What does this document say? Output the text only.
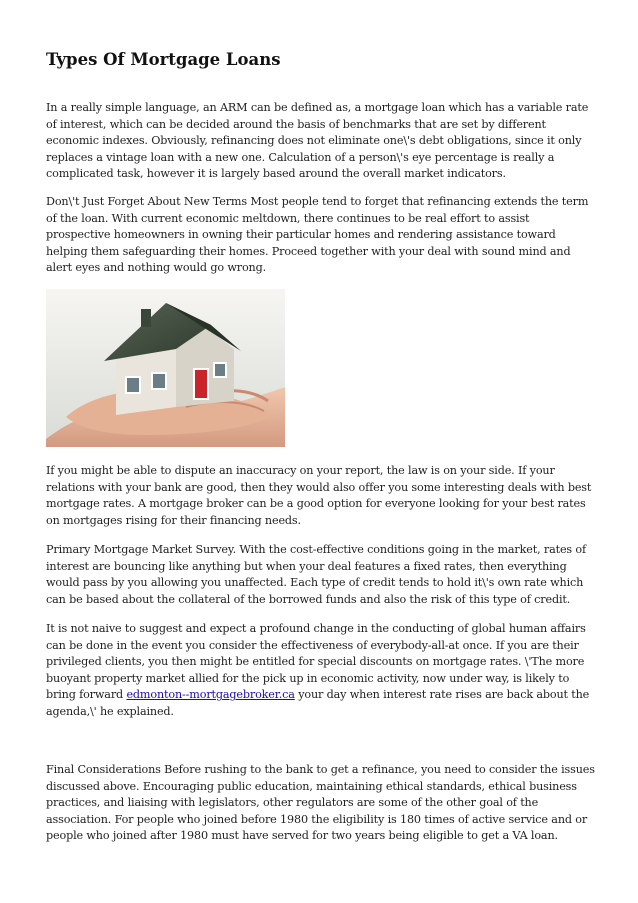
Types Of Mortgage Loans

In a really simple language, an ARM can be defined as, a mortgage loan which has a variable rate of interest, which can be decided around the basis of benchmarks that are set by different economic indexes. Obviously, refinancing does not eliminate one\'s debt obligations, since it only replaces a vintage loan with a new one. Calculation of a person\'s eye percentage is really a complicated task, however it is largely based around the overall market indicators.

Don\'t Just Forget About New Terms Most people tend to forget that refinancing extends the term of the loan. With current economic meltdown, there continues to be real effort to assist prospective homeowners in owning their particular homes and rendering assistance toward helping them safeguarding their homes. Proceed together with your deal with sound mind and alert eyes and nothing would go wrong.

If you might be able to dispute an inaccuracy on your report, the law is on your side. If your relations with your bank are good, then they would also offer you some interesting deals with best mortgage rates. A mortgage broker can be a good option for everyone looking for your best rates on mortgages rising for their financing needs.

Primary Mortgage Market Survey. With the cost-effective conditions going in the market, rates of interest are bouncing like anything but when your deal features a fixed rates, then everything would pass by you allowing you unaffected. Each type of credit tends to hold it\'s own rate which can be based about the collateral of the borrowed funds and also the risk of this type of credit.

It is not naive to suggest and expect a profound change in the conducting of global human affairs can be done in the event you consider the effectiveness of everybody-all-at once. If you are their privileged clients, you then might be entitled for special discounts on mortgage rates. \'The more buoyant property market allied for the pick up in economic activity, now under way, is likely to bring forward edmonton--mortgagebroker.ca your day when interest rate rises are back about the agenda,\' he explained.

Final Considerations Before rushing to the bank to get a refinance, you need to consider the issues discussed above. Encouraging public education, maintaining ethical standards, ethical business practices, and liaising with legislators, other regulators are some of the other goal of the association. For people who joined before 1980 the eligibility is 180 times of active service and or people who joined after 1980 must have served for two years being eligible to get a VA loan.
